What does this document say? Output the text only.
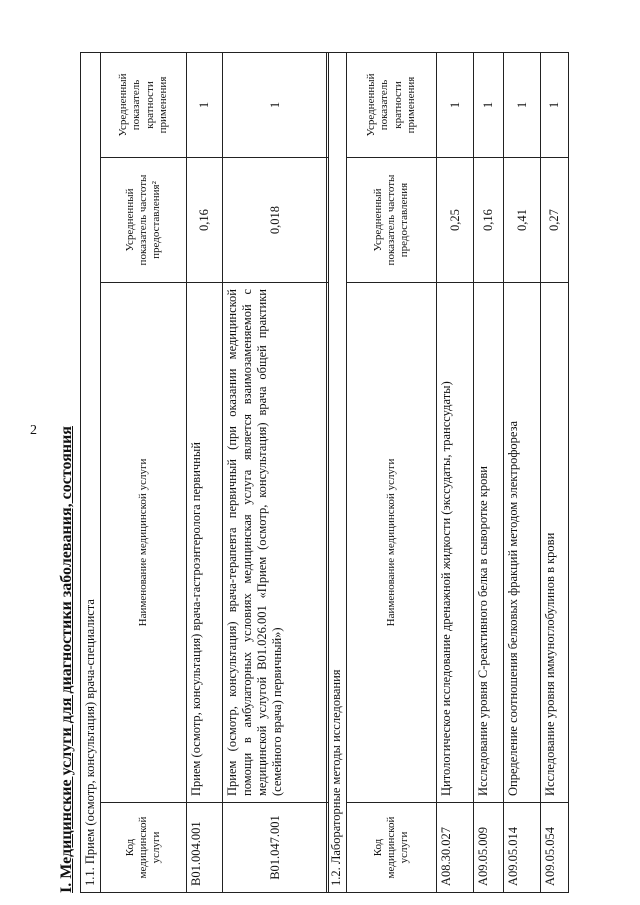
2 I. Медицинские услуги для диагностики заболевания, состояния 1.1. Прием (осмотр, консультация) врача-специалиста			
Код медицинской услуги	Наименование медицинской услуги	Усредненный показатель частоты предоставления²	Усредненный показатель кратности применения
B01.004.001	Прием (осмотр, консультация) врача-гастроэнтеролога первичный	0,16	1
B01.047.001	Прием (осмотр, консультация) врача-терапевта первичный (при оказании медицинской помощи в амбулаторных условиях медицинская услуга является взаимозаменяемой с медицинской услугой B01.026.001 «Прием (осмотр, консультация) врача общей практики (семейного врача) первичный»)	0,018	1
1.2. Лабораторные методы исследования			
Код медицинской услуги	Наименование медицинской услуги	Усредненный показатель частоты предоставления	Усредненный показатель кратности применения
A08.30.027	Цитологическое исследование дренажной жидкости (экссудаты, транссудаты)	0,25	1
A09.05.009	Исследование уровня С-реактивного белка в сыворотке крови	0,16	1
A09.05.014	Определение соотношения белковых фракций методом электрофореза	0,41	1
A09.05.054	Исследование уровня иммуноглобулинов в крови	0,27	1
